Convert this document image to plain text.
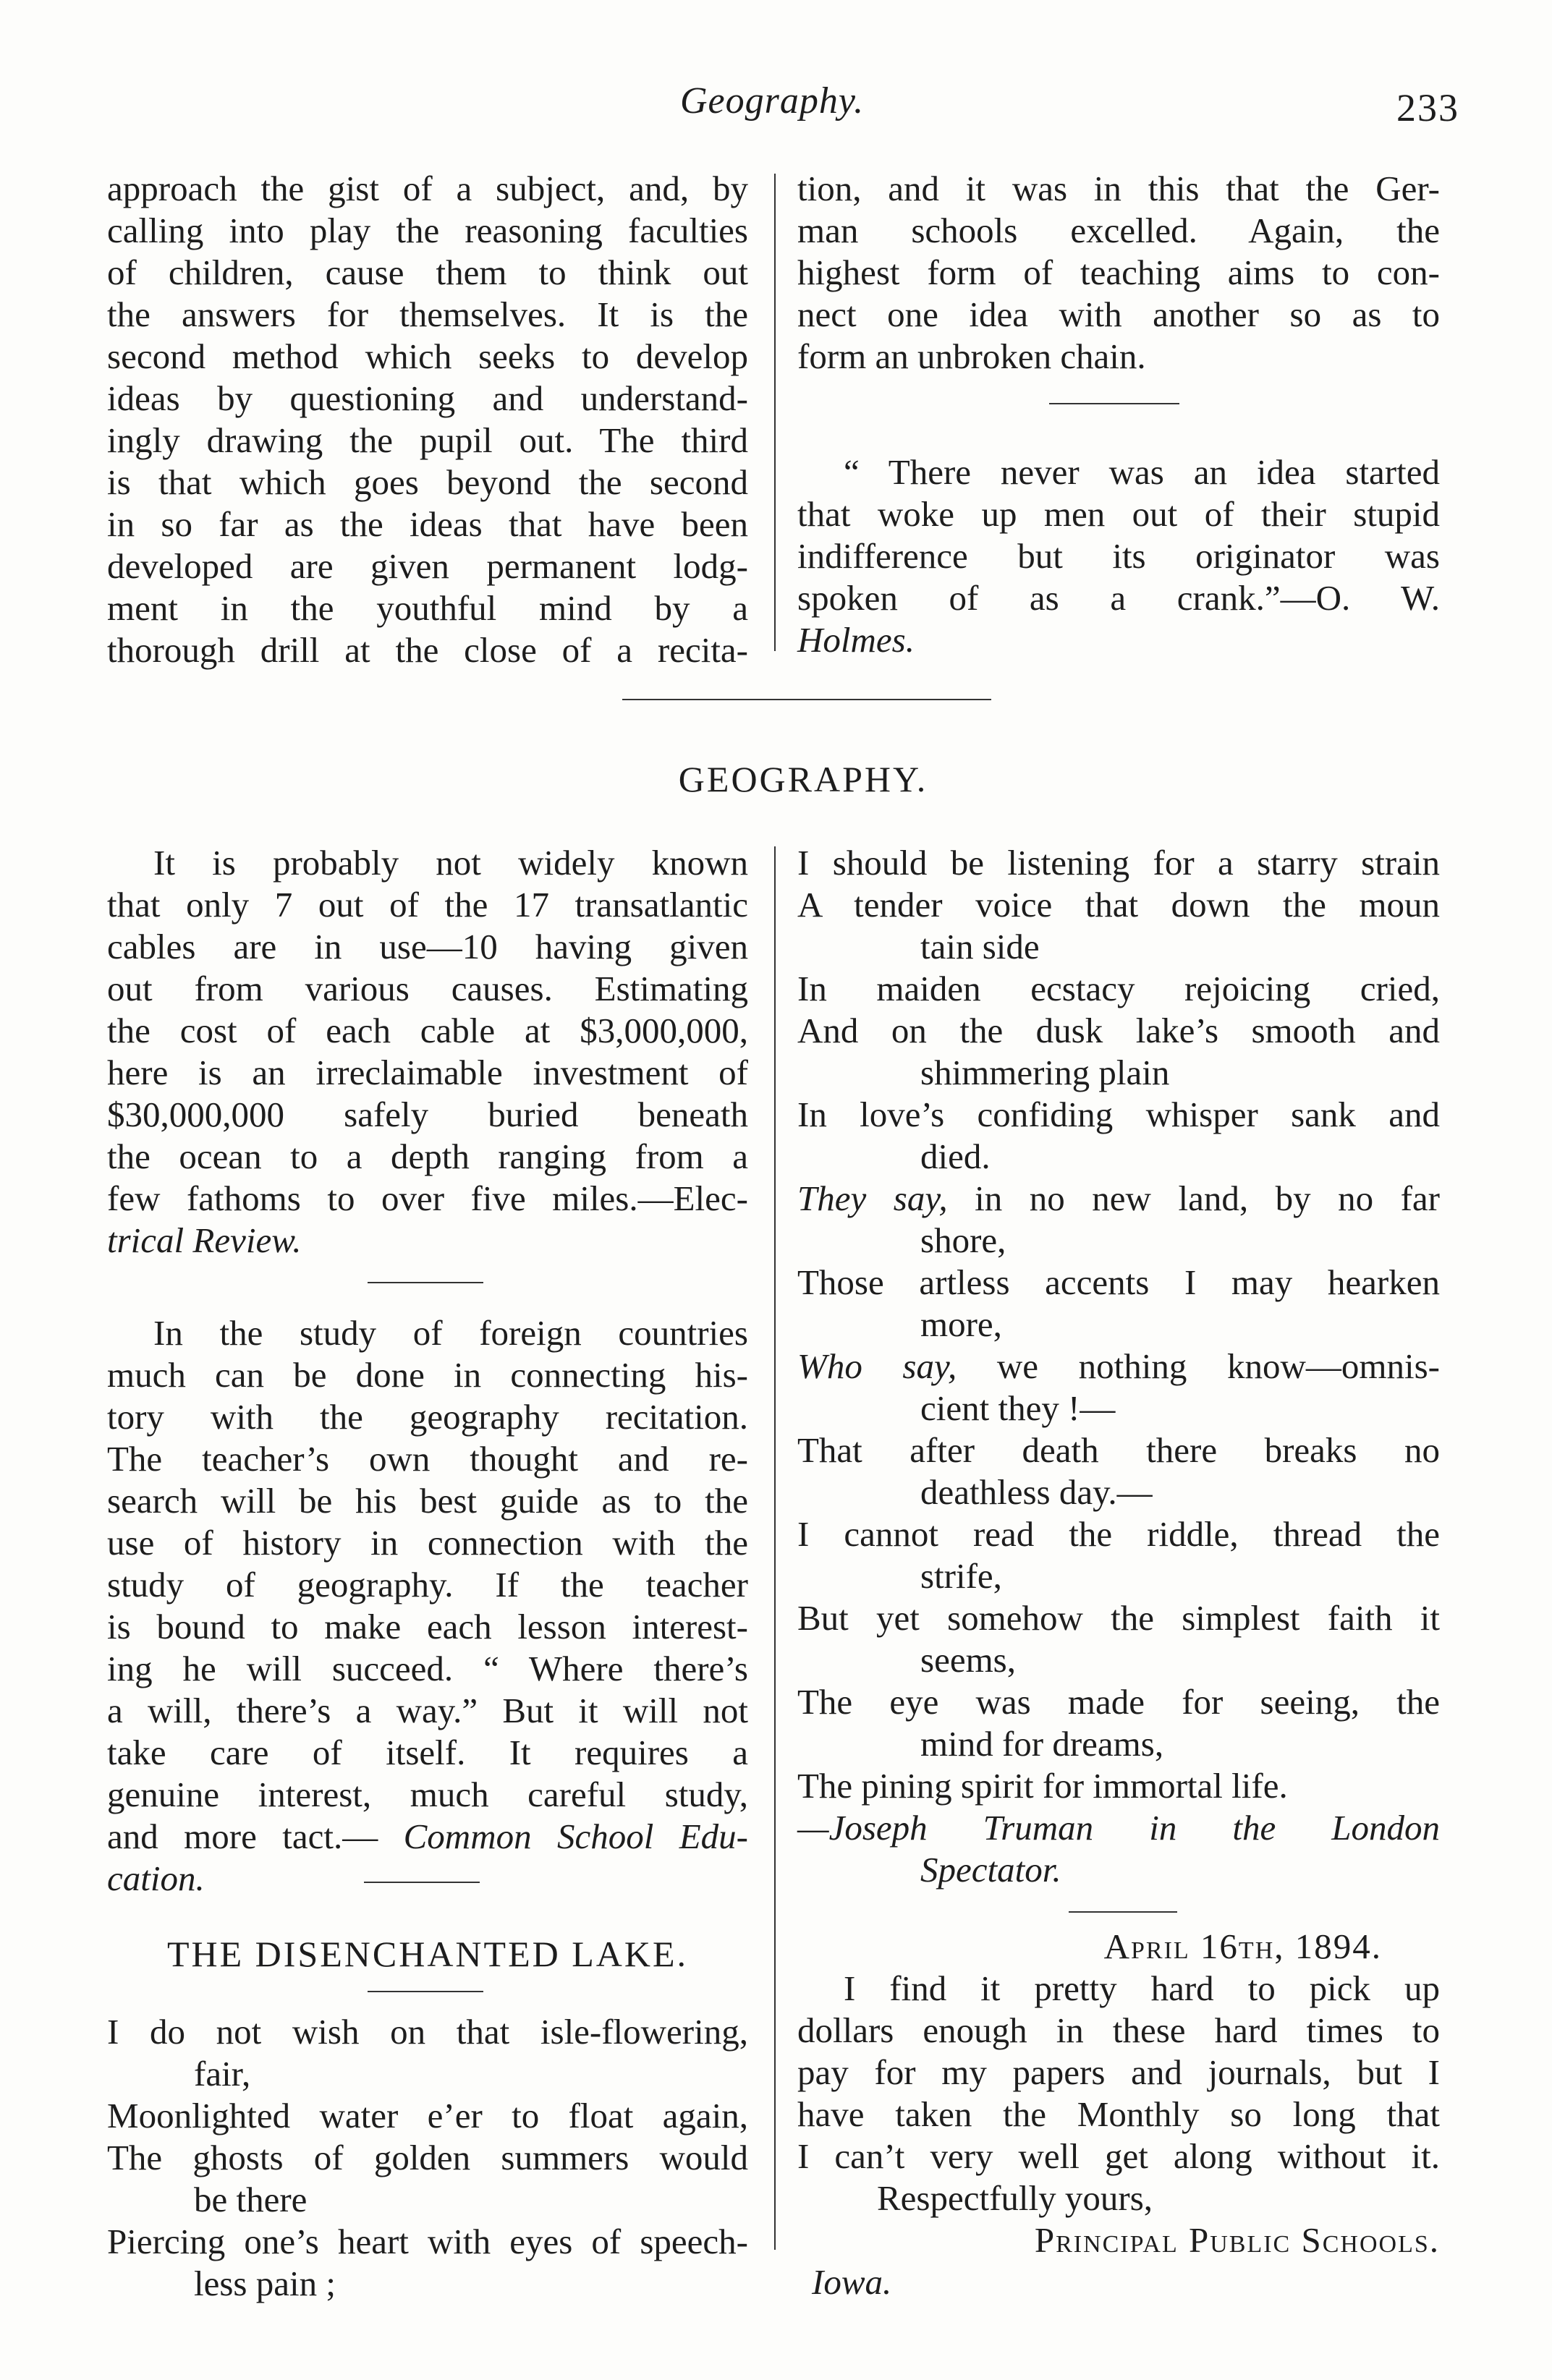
Geography.	233

approach the gist of a subject, and, by

calling into play the reasoning faculties

of children, cause them to think out

the answers for themselves. It is the

second method which seeks to develop

ideas by questioning and understand-

ingly drawing the pupil out. The third

is that which goes beyond the second

in so far as the ideas that have been

developed are given permanent lodg-

ment in the youthful mind by a

thorough drill at the close of a recita-

tion, and it was in this that the Ger-

man schools excelled. Again, the

highest form of teaching aims to con-

nect one idea with another so as to

form an unbroken chain.

“ There never was an idea started

that woke up men out of their stupid

indifference but its originator was

spoken of as a crank.”—O. W.

Holmes.

GEOGRAPHY.

It is probably not widely known

that only 7 out of the 17 transatlantic

cables are in use—10 having given

out from various causes. Estimating

the cost of each cable at $3,000,000,

here is an irreclaimable investment of

$30,000,000 safely buried beneath

the ocean to a depth ranging from a

few fathoms to over five miles.—Elec-

trical Review.

In the study of foreign countries

much can be done in connecting his-

tory with the geography recitation.

The teacher’s own thought and re-

search will be his best guide as to the

use of history in connection with the

study of geography. If the teacher

is bound to make each lesson interest-

ing he will succeed. “ Where there’s

a will, there’s a way.” But it will not

take care of itself. It requires a

genuine interest, much careful study,

and more tact.— Common School Edu-

cation.

THE DISENCHANTED LAKE.

I do not wish on that isle-flowering,

fair,

Moonlighted water e’er to float again,

The ghosts of golden summers would

be there

Piercing one’s heart with eyes of speech-

less pain ;

I should be listening for a starry strain

A tender voice that down the moun

tain side

In maiden ecstacy rejoicing cried,

And on the dusk lake’s smooth and

shimmering plain

In love’s confiding whisper sank and

died.

They say, in no new land, by no far

shore,

Those artless accents I may hearken

more,

Who say, we nothing know—omnis-

cient they !—

That after death there breaks no

deathless day.—

I cannot read the riddle, thread the

strife,

But yet somehow the simplest faith it

seems,

The eye was made for seeing, the

mind for dreams,

The pining spirit for immortal life.

—Joseph Truman in the London

Spectator.

April 16th, 1894.

I find it pretty hard to pick up

dollars enough in these hard times to

pay for my papers and journals, but I

have taken the Monthly so long that

I can’t very well get along without it.

Respectfully yours,

Principal Public Schools.

Iowa.
